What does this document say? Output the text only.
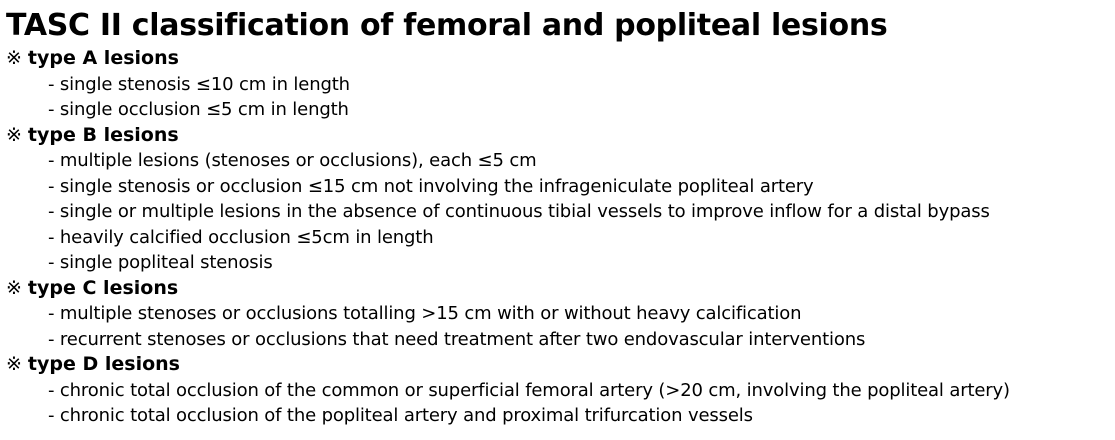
TASC II classification of femoral and popliteal lesions
※ type A lesions
- single stenosis ≤10 cm in length
- single occlusion ≤5 cm in length
※ type B lesions
- multiple lesions (stenoses or occlusions), each ≤5 cm
- single stenosis or occlusion ≤15 cm not involving the infrageniculate popliteal artery
- single or multiple lesions in the absence of continuous tibial vessels to improve inflow for a distal bypass
- heavily calcified occlusion ≤5cm in length
- single popliteal stenosis
※ type C lesions
- multiple stenoses or occlusions totalling >15 cm with or without heavy calcification
- recurrent stenoses or occlusions that need treatment after two endovascular interventions
※ type D lesions
- chronic total occlusion of the common or superficial femoral artery (>20 cm, involving the popliteal artery)
- chronic total occlusion of the popliteal artery and proximal trifurcation vessels
